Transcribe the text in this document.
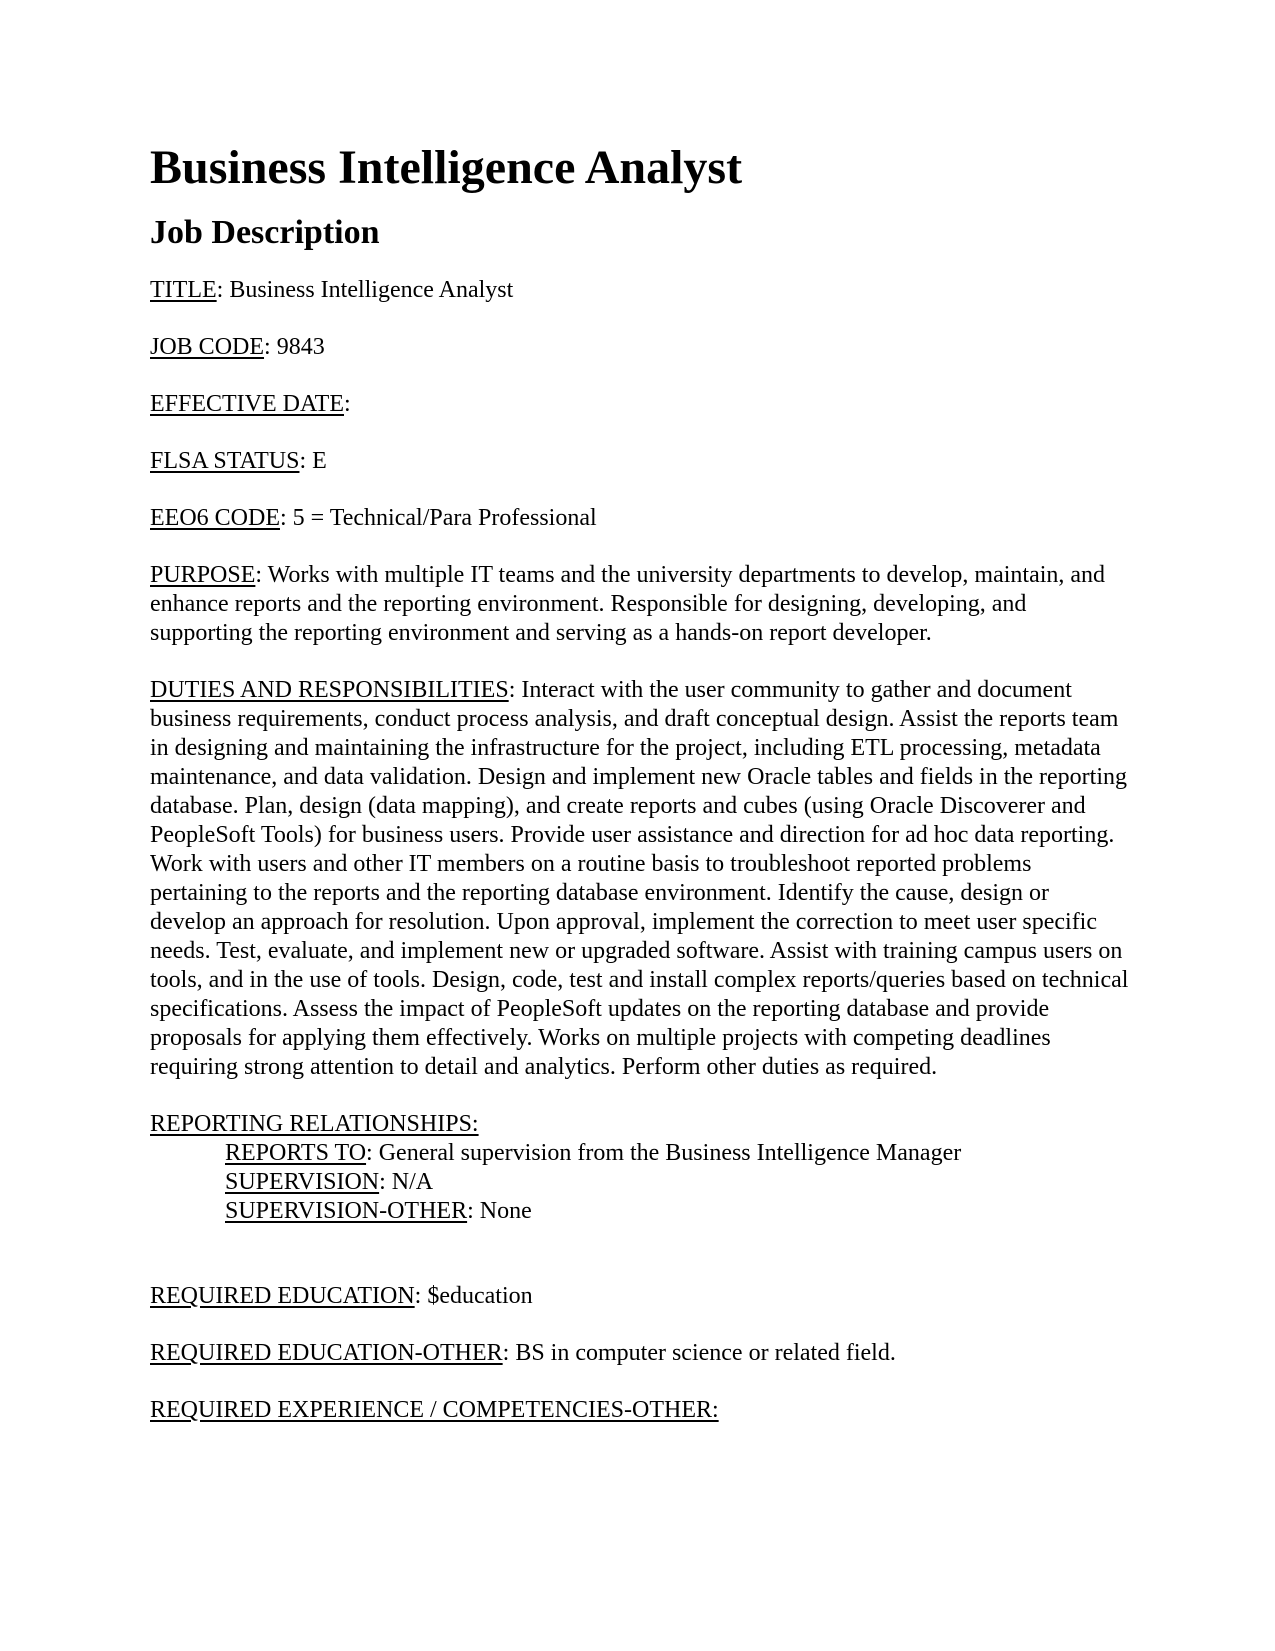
Business Intelligence Analyst
Job Description

TITLE: Business Intelligence Analyst

JOB CODE: 9843

EFFECTIVE DATE:

FLSA STATUS: E

EEO6 CODE: 5 = Technical/Para Professional

PURPOSE: Works with multiple IT teams and the university departments to develop, maintain, and enhance reports and the reporting environment. Responsible for designing, developing, and supporting the reporting environment and serving as a hands-on report developer.

DUTIES AND RESPONSIBILITIES: Interact with the user community to gather and document business requirements, conduct process analysis, and draft conceptual design. Assist the reports team in designing and maintaining the infrastructure for the project, including ETL processing, metadata maintenance, and data validation. Design and implement new Oracle tables and fields in the reporting database. Plan, design (data mapping), and create reports and cubes (using Oracle Discoverer and PeopleSoft Tools) for business users. Provide user assistance and direction for ad hoc data reporting. Work with users and other IT members on a routine basis to troubleshoot reported problems pertaining to the reports and the reporting database environment. Identify the cause, design or develop an approach for resolution. Upon approval, implement the correction to meet user specific needs. Test, evaluate, and implement new or upgraded software. Assist with training campus users on tools, and in the use of tools. Design, code, test and install complex reports/queries based on technical specifications. Assess the impact of PeopleSoft updates on the reporting database and provide proposals for applying them effectively. Works on multiple projects with competing deadlines requiring strong attention to detail and analytics. Perform other duties as required.

REPORTING RELATIONSHIPS:

REPORTS TO: General supervision from the Business Intelligence Manager

SUPERVISION: N/A

SUPERVISION-OTHER: None

REQUIRED EDUCATION: $education

REQUIRED EDUCATION-OTHER: BS in computer science or related field.

REQUIRED EXPERIENCE / COMPETENCIES-OTHER:
